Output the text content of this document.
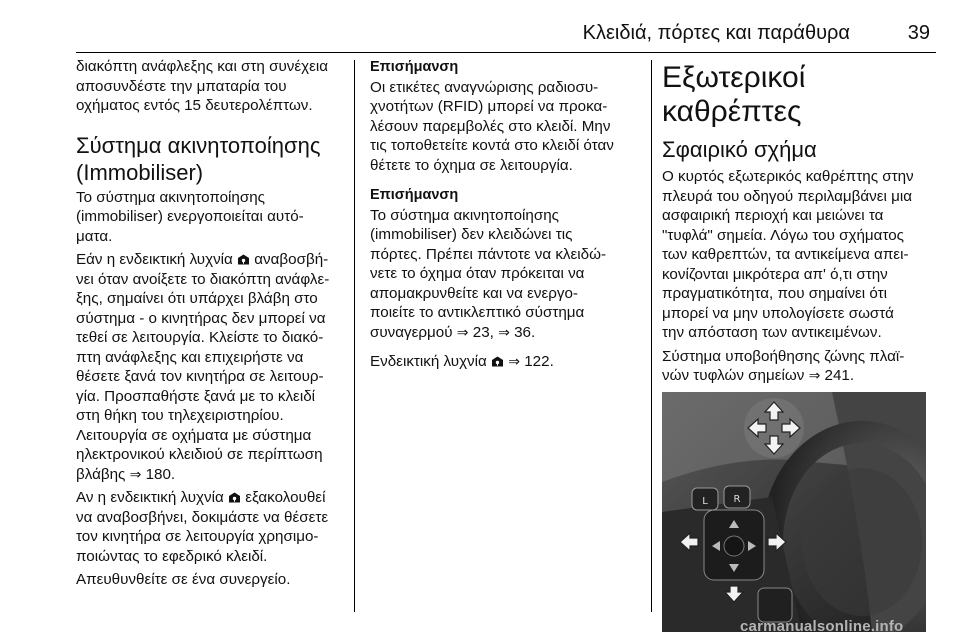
Κλειδιά, πόρτες και παράθυρα	39

διακόπτη ανάφλεξης και στη συνέχεια
αποσυνδέστε την μπαταρία του
οχήματος εντός 15 δευτερολέπτων.

Σύστημα ακινητοποίησης
(Immobiliser)

Το σύστημα ακινητοποίησης
(immobiliser) ενεργοποιείται αυτό-
ματα.

Εάν η ενδεικτική λυχνία  αναβοσβή-
νει όταν ανοίξετε το διακόπτη ανάφλε-
ξης, σημαίνει ότι υπάρχει βλάβη στο
σύστημα - ο κινητήρας δεν μπορεί να
τεθεί σε λειτουργία. Κλείστε το διακό-
πτη ανάφλεξης και επιχειρήστε να
θέσετε ξανά τον κινητήρα σε λειτουρ-
γία. Προσπαθήστε ξανά με το κλειδί
στη θήκη του τηλεχειριστηρίου.
Λειτουργία σε οχήματα με σύστημα
ηλεκτρονικού κλειδιού σε περίπτωση
βλάβης ⇒ 180.

Αν η ενδεικτική λυχνία  εξακολουθεί
να αναβοσβήνει, δοκιμάστε να θέσετε
τον κινητήρα σε λειτουργία χρησιμο-
ποιώντας το εφεδρικό κλειδί.

Απευθυνθείτε σε ένα συνεργείο.

Επισήμανση
Οι ετικέτες αναγνώρισης ραδιοσυ-
χνοτήτων (RFID) μπορεί να προκα-
λέσουν παρεμβολές στο κλειδί. Μην
τις τοποθετείτε κοντά στο κλειδί όταν
θέτετε το όχημα σε λειτουργία.

Επισήμανση
Το σύστημα ακινητοποίησης
(immobiliser) δεν κλειδώνει τις
πόρτες. Πρέπει πάντοτε να κλειδώ-
νετε το όχημα όταν πρόκειται να
απομακρυνθείτε και να ενεργο-
ποιείτε το αντικλεπτικό σύστημα
συναγερμού ⇒ 23, ⇒ 36.

Ενδεικτική λυχνία  ⇒ 122.

Εξωτερικοί καθρέπτες
Σφαιρικό σχήμα

Ο κυρτός εξωτερικός καθρέπτης στην
πλευρά του οδηγού περιλαμβάνει μια
ασφαιρική περιοχή και μειώνει τα
"τυφλά" σημεία. Λόγω του σχήματος
των καθρεπτών, τα αντικείμενα απει-
κονίζονται μικρότερα απ' ό,τι στην
πραγματικότητα, που σημαίνει ότι
μπορεί να μην υπολογίσετε σωστά
την απόσταση των αντικειμένων.

Σύστημα υποβοήθησης ζώνης πλαϊ-
νών τυφλών σημείων ⇒ 241.

L	R
carmanualsonline.info
